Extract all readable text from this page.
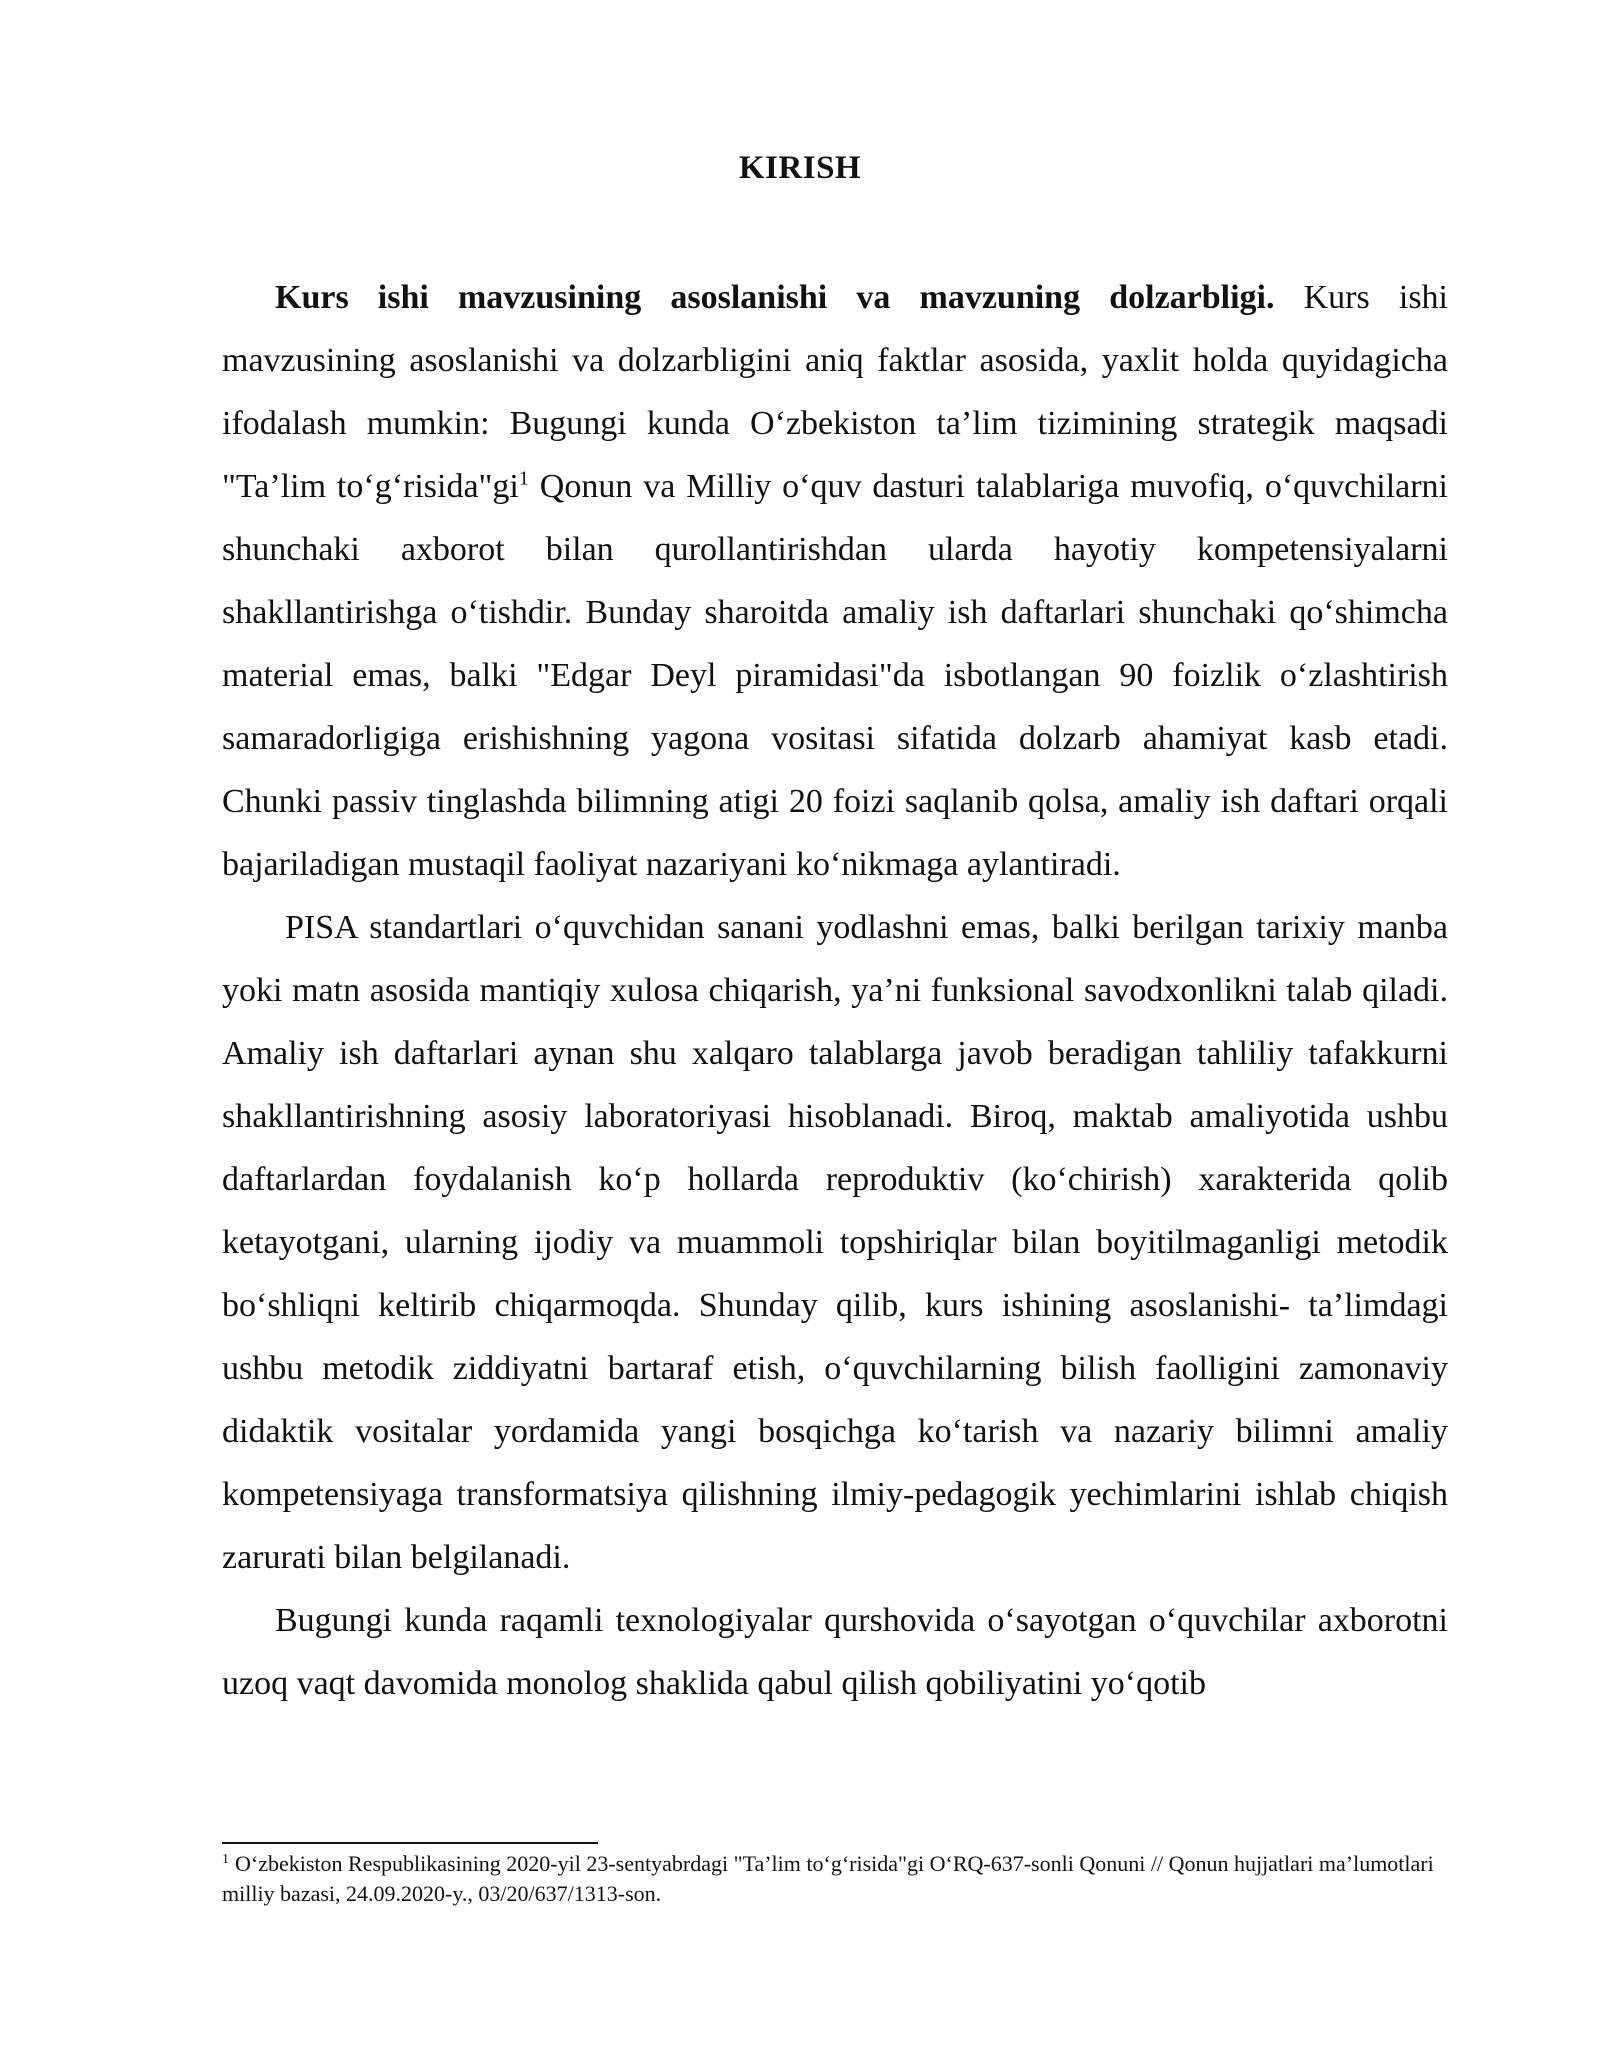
KIRISH

Kurs ishi mavzusining asoslanishi va mavzuning dolzarbligi. Kurs ishi mavzusining asoslanishi va dolzarbligini aniq faktlar asosida, yaxlit holda quyidagicha ifodalash mumkin: Bugungi kunda O‘zbekiston ta’lim tizimining strategik maqsadi "Ta’lim to‘g‘risida"gi$^1$ Qonun va Milliy o‘quv dasturi talablariga muvofiq, o‘quvchilarni shunchaki axborot bilan qurollantirishdan ularda hayotiy kompetensiyalarni shakllantirishga o‘tishdir. Bunday sharoitda amaliy ish daftarlari shunchaki qo‘shimcha material emas, balki "Edgar Deyl piramidasi"da isbotlangan 90 foizlik o‘zlashtirish samaradorligiga erishishning yagona vositasi sifatida dolzarb ahamiyat kasb etadi. Chunki passiv tinglashda bilimning atigi 20 foizi saqlanib qolsa, amaliy ish daftari orqali bajariladigan mustaqil faoliyat nazariyani ko‘nikmaga aylantiradi.

PISA standartlari o‘quvchidan sanani yodlashni emas, balki berilgan tarixiy manba yoki matn asosida mantiqiy xulosa chiqarish, ya’ni funksional savodxonlikni talab qiladi. Amaliy ish daftarlari aynan shu xalqaro talablarga javob beradigan tahliliy tafakkurni shakllantirishning asosiy laboratoriyasi hisoblanadi. Biroq, maktab amaliyotida ushbu daftarlardan foydalanish ko‘p hollarda reproduktiv (ko‘chirish) xarakterida qolib ketayotgani, ularning ijodiy va muammoli topshiriqlar bilan boyitilmaganligi metodik bo‘shliqni keltirib chiqarmoqda. Shunday qilib, kurs ishining asoslanishi- ta’limdagi ushbu metodik ziddiyatni bartaraf etish, o‘quvchilarning bilish faolligini zamonaviy didaktik vositalar yordamida yangi bosqichga ko‘tarish va nazariy bilimni amaliy kompetensiyaga transformatsiya qilishning ilmiy-pedagogik yechimlarini ishlab chiqish zarurati bilan belgilanadi.

Bugungi kunda raqamli texnologiyalar qurshovida o‘sayotgan o‘quvchilar axborotni uzoq vaqt davomida monolog shaklida qabul qilish qobiliyatini yo‘qotib

$^1$ O‘zbekiston Respublikasining 2020-yil 23-sentyabrdagi "Ta’lim to‘g‘risida"gi O‘RQ-637-sonli Qonuni // Qonun hujjatlari ma’lumotlari milliy bazasi, 24.09.2020-y., 03/20/637/1313-son.
